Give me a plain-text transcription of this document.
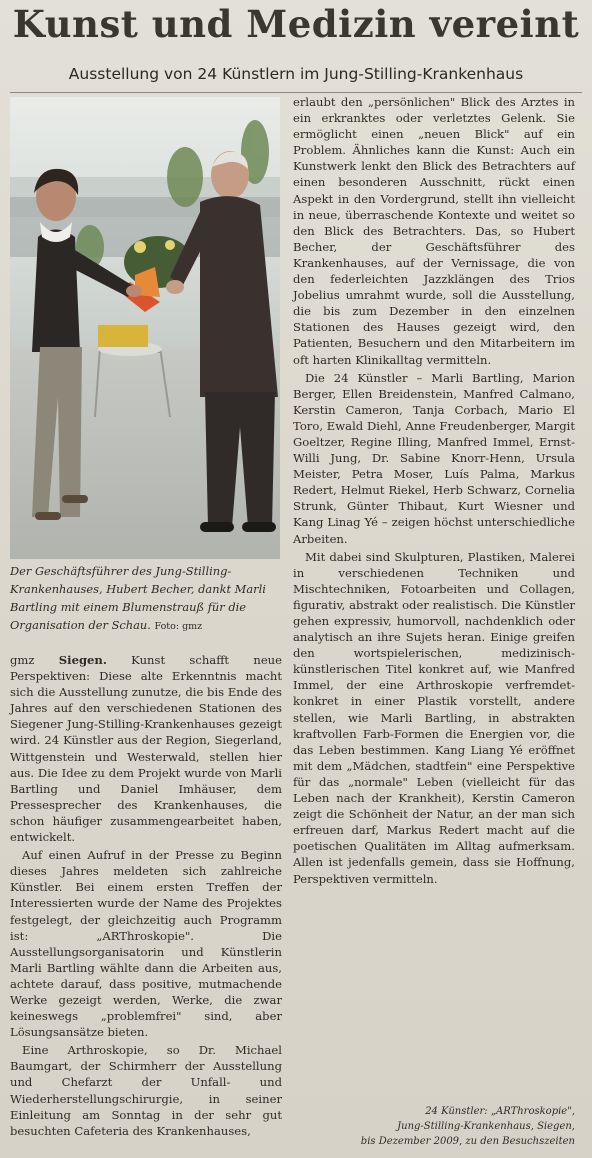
Kunst und Medizin vereint
Ausstellung von 24 Künstlern im Jung-Stilling-Krankenhaus
Der Geschäftsführer des Jung-Stilling-Krankenhauses, Hubert Becher, dankt Marli Bartling mit einem Blumenstrauß für die Organisation der Schau. Foto: gmz

gmz Siegen. Kunst schafft neue Perspektiven: Diese alte Erkenntnis macht sich die Ausstellung zunutze, die bis Ende des Jahres auf den verschiedenen Stationen des Siegener Jung-Stilling-Krankenhauses gezeigt wird. 24 Künstler aus der Region, Siegerland, Wittgenstein und Westerwald, stellen hier aus. Die Idee zu dem Projekt wurde von Marli Bartling und Daniel Imhäuser, dem Pressesprecher des Krankenhauses, die schon häufiger zusammengearbeitet haben, entwickelt.

Auf einen Aufruf in der Presse zu Beginn dieses Jahres meldeten sich zahlreiche Künstler. Bei einem ersten Treffen der Interessierten wurde der Name des Projektes festgelegt, der gleichzeitig auch Programm ist: „ARThroskopie". Die Ausstellungsorganisatorin und Künstlerin Marli Bartling wählte dann die Arbeiten aus, achtete darauf, dass positive, mutmachende Werke gezeigt werden, Werke, die zwar keineswegs „problemfrei" sind, aber Lösungsansätze bieten.

Eine Arthroskopie, so Dr. Michael Baumgart, der Schirmherr der Ausstellung und Chefarzt der Unfall- und Wiederherstellungschirurgie, in seiner Einleitung am Sonntag in der sehr gut besuchten Cafeteria des Krankenhauses,

erlaubt den „persönlichen" Blick des Arztes in ein erkranktes oder verletztes Gelenk. Sie ermöglicht einen „neuen Blick" auf ein Problem. Ähnliches kann die Kunst: Auch ein Kunstwerk lenkt den Blick des Betrachters auf einen besonderen Ausschnitt, rückt einen Aspekt in den Vordergrund, stellt ihn vielleicht in neue, überraschende Kontexte und weitet so den Blick des Betrachters. Das, so Hubert Becher, der Geschäftsführer des Krankenhauses, auf der Vernissage, die von den federleichten Jazzklängen des Trios Jobelius umrahmt wurde, soll die Ausstellung, die bis zum Dezember in den einzelnen Stationen des Hauses gezeigt wird, den Patienten, Besuchern und den Mitarbeitern im oft harten Klinikalltag vermitteln.

Die 24 Künstler – Marli Bartling, Marion Berger, Ellen Breidenstein, Manfred Calmano, Kerstin Cameron, Tanja Corbach, Mario El Toro, Ewald Diehl, Anne Freudenberger, Margit Goeltzer, Regine Illing, Manfred Immel, Ernst-Willi Jung, Dr. Sabine Knorr-Henn, Ursula Meister, Petra Moser, Luís Palma, Markus Redert, Helmut Riekel, Herb Schwarz, Cornelia Strunk, Günter Thibaut, Kurt Wiesner und Kang Linag Yé – zeigen höchst unterschiedliche Arbeiten.

Mit dabei sind Skulpturen, Plastiken, Malerei in verschiedenen Techniken und Mischtechniken, Fotoarbeiten und Collagen, figurativ, abstrakt oder realistisch. Die Künstler gehen expressiv, humorvoll, nachdenklich oder analytisch an ihre Sujets heran. Einige greifen den wortspielerischen, medizinisch-künstlerischen Titel konkret auf, wie Manfred Immel, der eine Arthroskopie verfremdet-konkret in einer Plastik vorstellt, andere stellen, wie Marli Bartling, in abstrakten kraftvollen Farb-Formen die Energien vor, die das Leben bestimmen. Kang Liang Yé eröffnet mit dem „Mädchen, stadtfein" eine Perspektive für das „normale" Leben (vielleicht für das Leben nach der Krankheit), Kerstin Cameron zeigt die Schönheit der Natur, an der man sich erfreuen darf, Markus Redert macht auf die poetischen Qualitäten im Alltag aufmerksam. Allen ist jedenfalls gemein, dass sie Hoffnung, Perspektiven vermitteln.

24 Künstler: „ARThroskopie",
Jung-Stilling-Krankenhaus, Siegen,
bis Dezember 2009, zu den Besuchszeiten
